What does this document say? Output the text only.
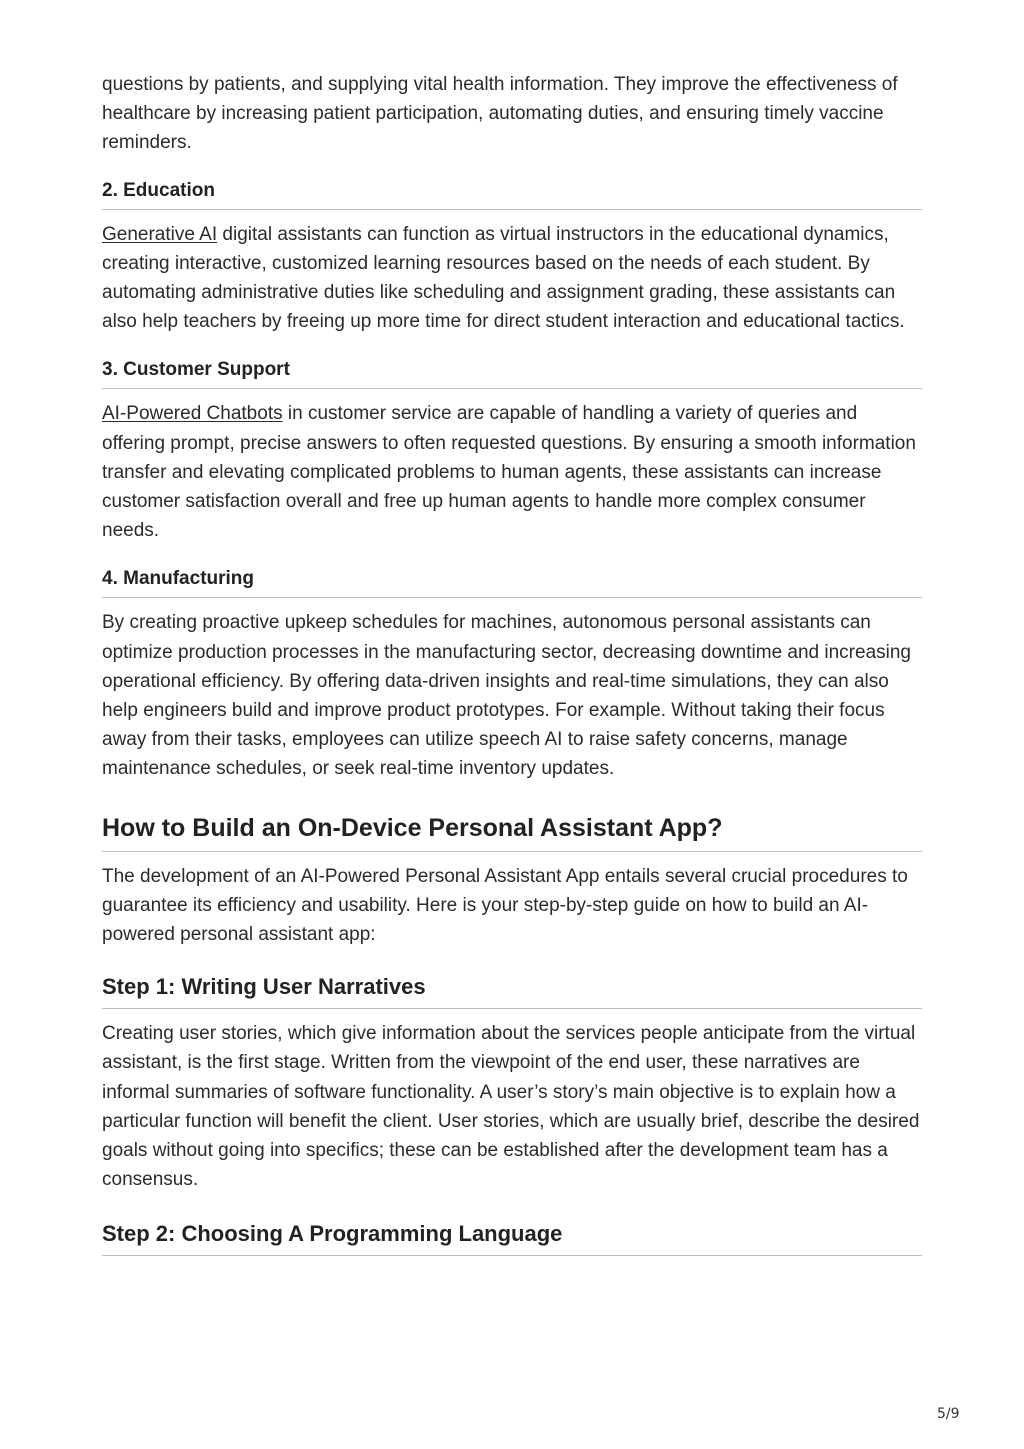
questions by patients, and supplying vital health information. They improve the effectiveness of healthcare by increasing patient participation, automating duties, and ensuring timely vaccine reminders.

2. Education

Generative AI digital assistants can function as virtual instructors in the educational dynamics, creating interactive, customized learning resources based on the needs of each student. By automating administrative duties like scheduling and assignment grading, these assistants can also help teachers by freeing up more time for direct student interaction and educational tactics.

3. Customer Support

AI-Powered Chatbots in customer service are capable of handling a variety of queries and offering prompt, precise answers to often requested questions. By ensuring a smooth information transfer and elevating complicated problems to human agents, these assistants can increase customer satisfaction overall and free up human agents to handle more complex consumer needs.

4. Manufacturing

By creating proactive upkeep schedules for machines, autonomous personal assistants can optimize production processes in the manufacturing sector, decreasing downtime and increasing operational efficiency. By offering data-driven insights and real-time simulations, they can also help engineers build and improve product prototypes. For example. Without taking their focus away from their tasks, employees can utilize speech AI to raise safety concerns, manage maintenance schedules, or seek real-time inventory updates.

How to Build an On-Device Personal Assistant App?

The development of an AI-Powered Personal Assistant App entails several crucial procedures to guarantee its efficiency and usability. Here is your step-by-step guide on how to build an AI-powered personal assistant app:

Step 1: Writing User Narratives

Creating user stories, which give information about the services people anticipate from the virtual assistant, is the first stage. Written from the viewpoint of the end user, these narratives are informal summaries of software functionality. A user’s story’s main objective is to explain how a particular function will benefit the client. User stories, which are usually brief, describe the desired goals without going into specifics; these can be established after the development team has a consensus.

Step 2: Choosing A Programming Language
5/9
